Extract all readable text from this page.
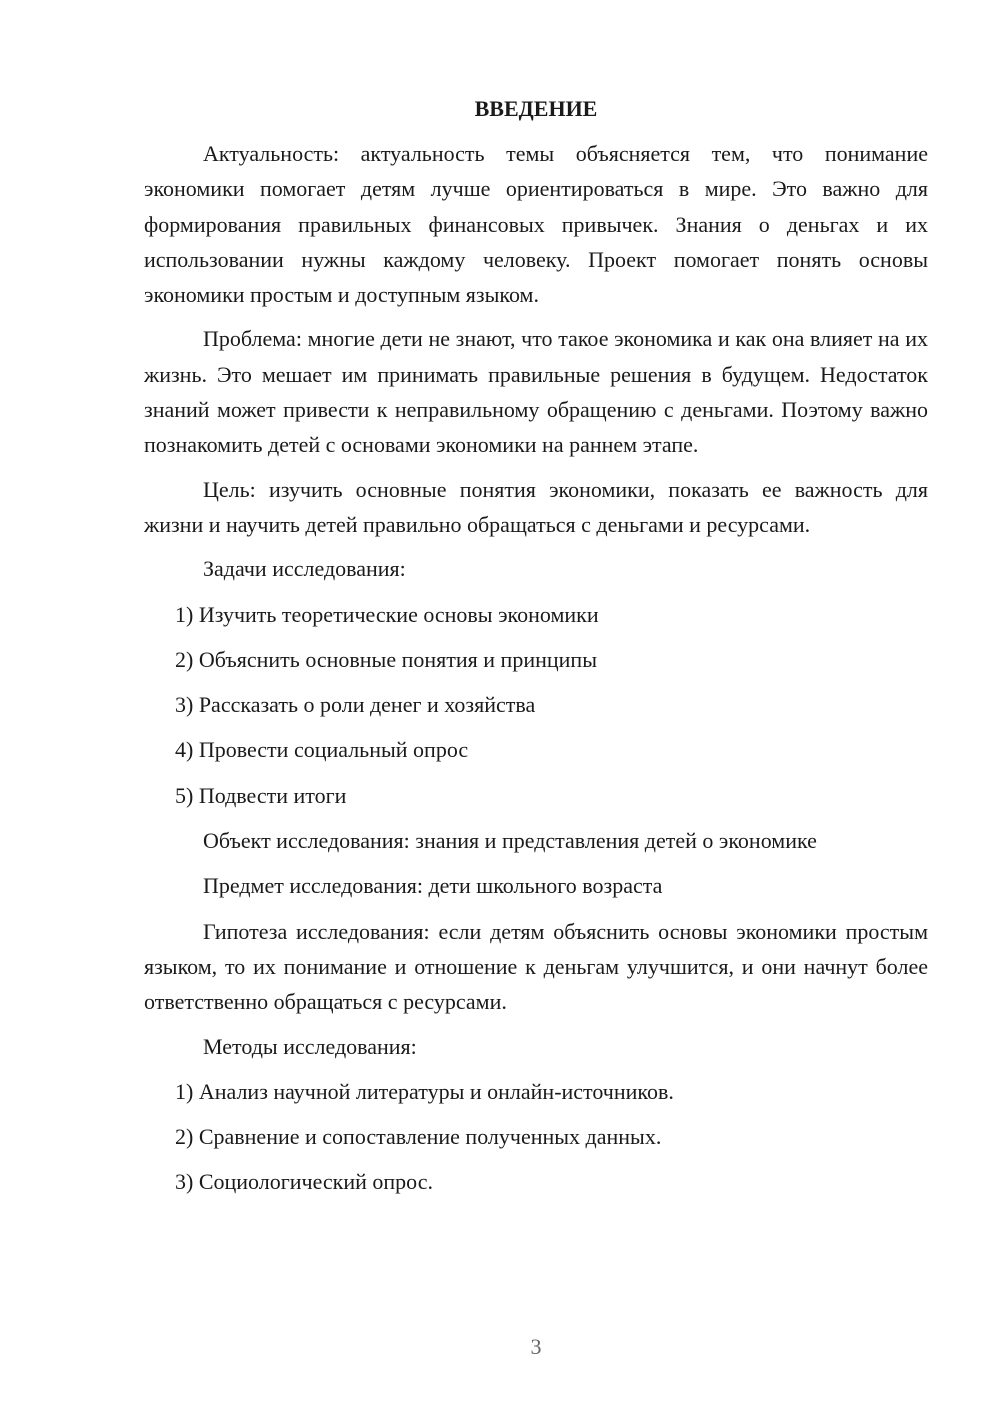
ВВЕДЕНИЕ

Актуальность: актуальность темы объясняется тем, что понимание экономики помогает детям лучше ориентироваться в мире. Это важно для формирования правильных финансовых привычек. Знания о деньгах и их использовании нужны каждому человеку. Проект помогает понять основы экономики простым и доступным языком.

Проблема: многие дети не знают, что такое экономика и как она влияет на их жизнь. Это мешает им принимать правильные решения в будущем. Недостаток знаний может привести к неправильному обращению с деньгами. Поэтому важно познакомить детей с основами экономики на раннем этапе.

Цель: изучить основные понятия экономики, показать ее важность для жизни и научить детей правильно обращаться с деньгами и ресурсами.

Задачи исследования:
1) Изучить теоретические основы экономики
2) Объяснить основные понятия и принципы
3) Рассказать о роли денег и хозяйства
4) Провести социальный опрос
5) Подвести итоги
Объект исследования: знания и представления детей о экономике
Предмет исследования: дети школьного возраста

Гипотеза исследования: если детям объяснить основы экономики простым языком, то их понимание и отношение к деньгам улучшится, и они начнут более ответственно обращаться с ресурсами.

Методы исследования:
1) Анализ научной литературы и онлайн-источников.
2) Сравнение и сопоставление полученных данных.
3) Социологический опрос.
3
